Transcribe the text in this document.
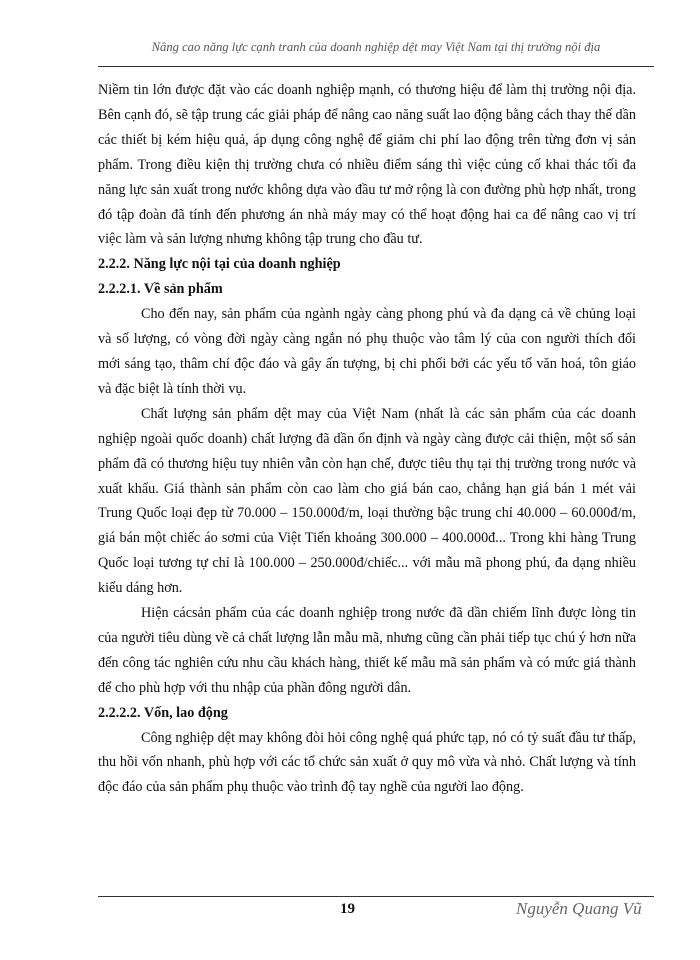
Nâng cao năng lực cạnh tranh của doanh nghiệp dệt may Việt Nam tại thị trường nội địa

Niềm tin lớn được đặt vào các doanh nghiệp mạnh, có thương hiệu để làm thị trường nội địa. Bên cạnh đó, sẽ tập trung các giải pháp để nâng cao năng suất lao động bằng cách thay thế dần các thiết bị kém hiệu quả, áp dụng công nghệ để giảm chi phí lao động trên từng đơn vị sản phẩm. Trong điều kiện thị trường chưa có nhiều điểm sáng thì việc củng cố khai thác tối đa năng lực sản xuất trong nước không dựa vào đầu tư mở rộng là con đường phù hợp nhất, trong đó tập đoàn đã tính đến phương án nhà máy may có thể hoạt động hai ca để nâng cao vị trí việc làm và sản lượng nhưng không tập trung cho đầu tư.

2.2.2. Năng lực nội tại của doanh nghiệp

2.2.2.1. Về sản phẩm

Cho đến nay, sản phẩm của ngành ngày càng phong phú và đa dạng cả về chủng loại và số lượng, có vòng đời ngày càng ngắn nó phụ thuộc vào tâm lý của con người thích đổi mới sáng tạo, thâm chí độc đáo và gây ấn tượng, bị chi phối bởi các yếu tố văn hoá, tôn giáo và đặc biệt là tính thời vụ.

Chất lượng sản phẩm dệt may của Việt Nam (nhất là các sản phẩm của các doanh nghiệp ngoài quốc doanh) chất lượng đã dần ổn định và ngày càng được cải thiện, một số sản phẩm đã có thương hiệu tuy nhiên vẫn còn hạn chế, được tiêu thụ tại thị trường trong nước và xuất khẩu. Giá thành sản phẩm còn cao làm cho giá bán cao, chẳng hạn giá bán 1 mét vải Trung Quốc loại đẹp từ 70.000 – 150.000đ/m, loại thường bậc trung chỉ 40.000 – 60.000đ/m, giá bán một chiếc áo sơmi của Việt Tiến khoảng 300.000 – 400.000đ... Trong khi hàng Trung Quốc loại tương tự chỉ là 100.000 – 250.000đ/chiếc... với mẫu mã phong phú, đa dạng nhiều kiểu dáng hơn.

Hiện cácsản phẩm của các doanh nghiệp trong nước đã dần chiếm lĩnh được lòng tin của người tiêu dùng về cả chất lượng lẫn mẫu mã, nhưng cũng cần phải tiếp tục chú ý hơn nữa đến công tác nghiên cứu nhu cầu khách hàng, thiết kế mẫu mã sản phẩm và có mức giá thành để cho phù hợp với thu nhập của phần đông người dân.

2.2.2.2. Vốn, lao động

Công nghiệp dệt may không đòi hỏi công nghệ quá phức tạp, nó có tỷ suất đầu tư thấp, thu hồi vốn nhanh, phù hợp với các tổ chức sản xuất ở quy mô vừa và nhỏ. Chất lượng và tính độc đáo của sản phẩm phụ thuộc vào trình độ tay nghề của người lao động.

19	Nguyễn Quang Vũ
